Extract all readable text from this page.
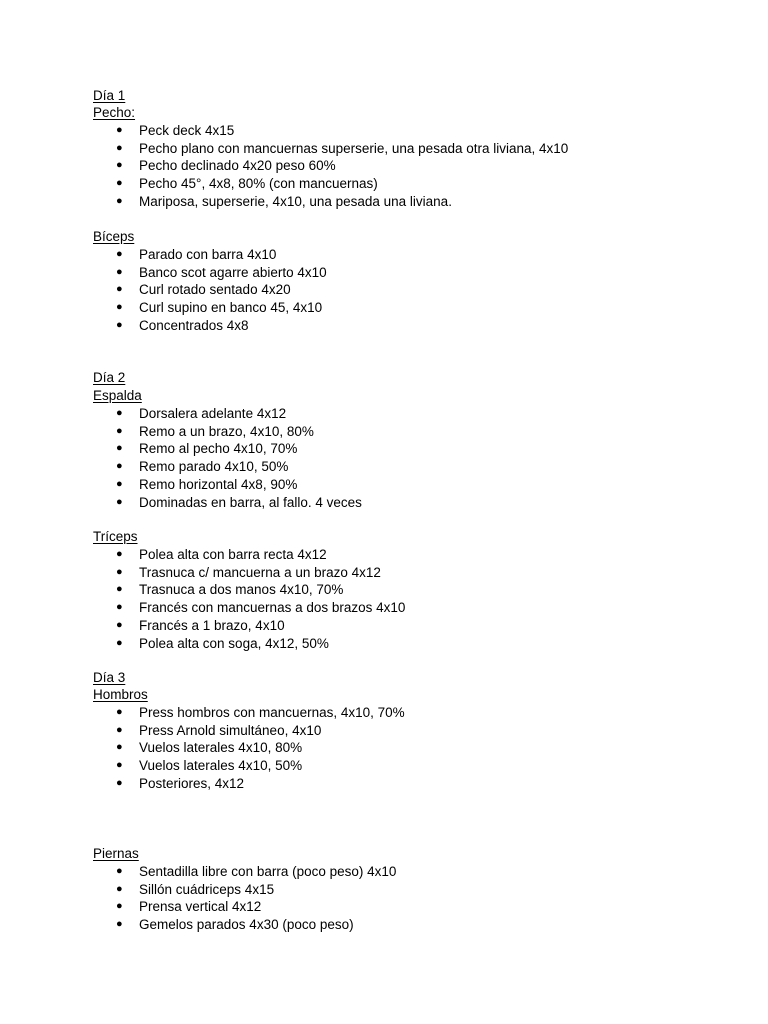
Día 1
Pecho:
● Peck deck 4x15
● Pecho plano con mancuernas superserie, una pesada otra liviana, 4x10
● Pecho declinado 4x20 peso 60%
● Pecho 45°, 4x8, 80% (con mancuernas)
● Mariposa, superserie, 4x10, una pesada una liviana.
Bíceps
● Parado con barra 4x10
● Banco scot agarre abierto 4x10
● Curl rotado sentado 4x20
● Curl supino en banco 45, 4x10
● Concentrados 4x8
Día 2
Espalda
● Dorsalera adelante 4x12
● Remo a un brazo, 4x10, 80%
● Remo al pecho 4x10, 70%
● Remo parado 4x10, 50%
● Remo horizontal 4x8, 90%
● Dominadas en barra, al fallo. 4 veces
Tríceps
● Polea alta con barra recta 4x12
● Trasnuca c/ mancuerna a un brazo 4x12
● Trasnuca a dos manos 4x10, 70%
● Francés con mancuernas a dos brazos 4x10
● Francés a 1 brazo, 4x10
● Polea alta con soga, 4x12, 50%
Día 3
Hombros
● Press hombros con mancuernas, 4x10, 70%
● Press Arnold simultáneo, 4x10
● Vuelos laterales 4x10, 80%
● Vuelos laterales 4x10, 50%
● Posteriores, 4x12
Piernas
● Sentadilla libre con barra (poco peso) 4x10
● Sillón cuádriceps 4x15
● Prensa vertical 4x12
● Gemelos parados 4x30 (poco peso)
